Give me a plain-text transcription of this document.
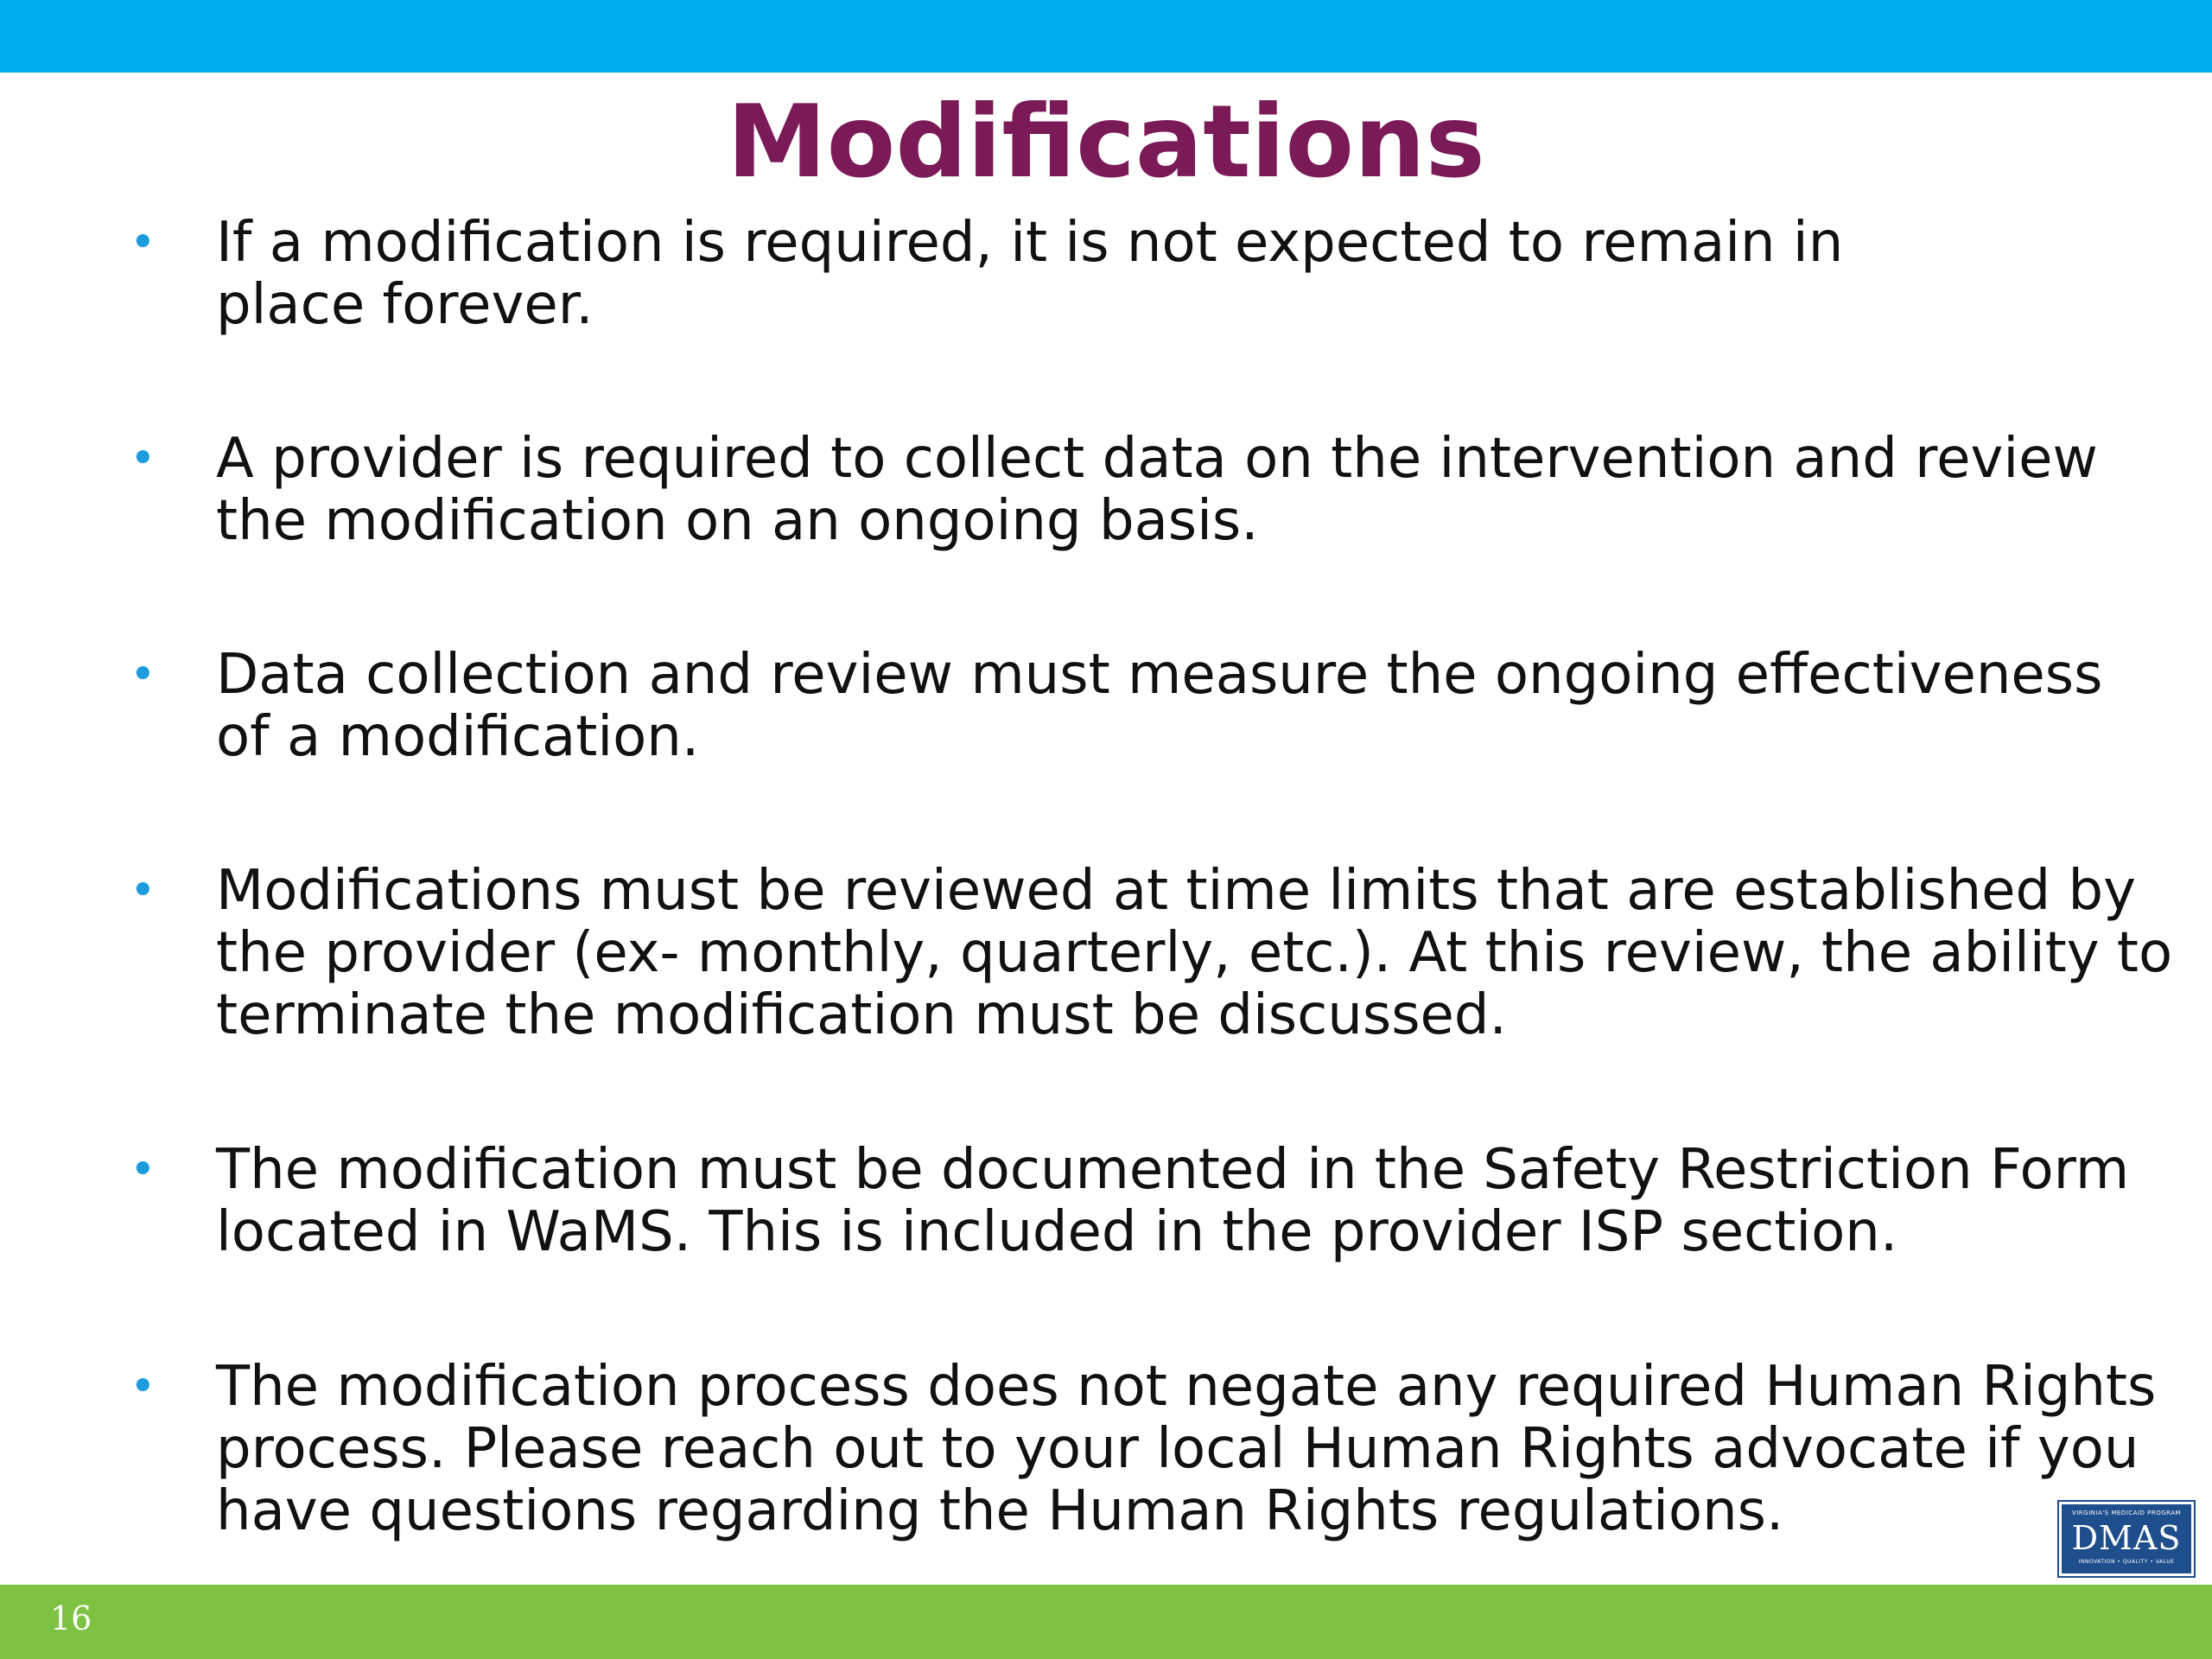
Modifications
• If a modification is required, it is not expected to remain in
place forever.
• A provider is required to collect data on the intervention and review
the modification on an ongoing basis.
• Data collection and review must measure the ongoing effectiveness
of a modification.
• Modifications must be reviewed at time limits that are established by
the provider (ex- monthly, quarterly, etc.). At this review, the ability to
terminate the modification must be discussed.
• The modification must be documented in the Safety Restriction Form
located in WaMS. This is included in the provider ISP section.
• The modification process does not negate any required Human Rights
process. Please reach out to your local Human Rights advocate if you
have questions regarding the Human Rights regulations.	VIRGINIA'S MEDICAID PROGRAM
DMAS
INNOVATION • QUALITY • VALUE
16
